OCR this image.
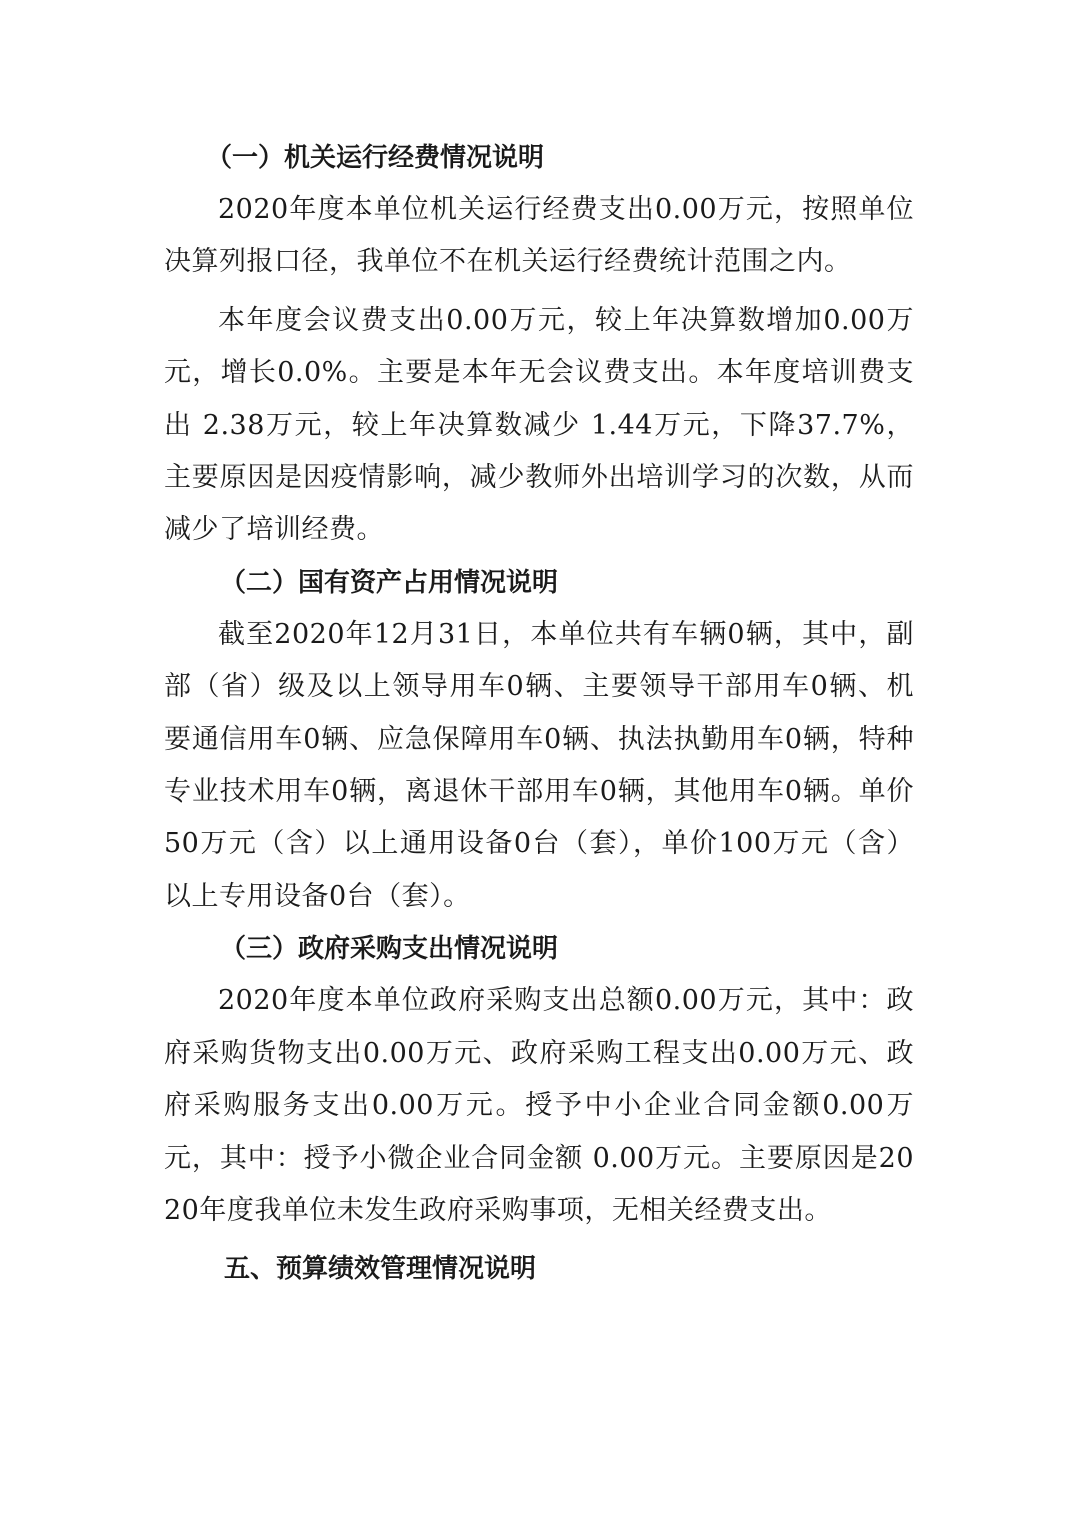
（一）机关运行经费情况说明

2020年度本单位机关运行经费支出0.00万元，按照单位决算列报口径，我单位不在机关运行经费统计范围之内。

本年度会议费支出0.00万元，较上年决算数增加0.00万元，增长0.0%。主要是本年无会议费支出。本年度培训费支出 2.38万元，较上年决算数减少 1.44万元，下降37.7%，主要原因是因疫情影响，减少教师外出培训学习的次数，从而减少了培训经费。

（二）国有资产占用情况说明

截至2020年12月31日，本单位共有车辆0辆，其中，副部（省）级及以上领导用车0辆、主要领导干部用车0辆、机要通信用车0辆、应急保障用车0辆、执法执勤用车0辆，特种专业技术用车0辆，离退休干部用车0辆，其他用车0辆。单价50万元（含）以上通用设备0台（套），单价100万元（含）以上专用设备0台（套）。

（三）政府采购支出情况说明

2020年度本单位政府采购支出总额0.00万元，其中：政府采购货物支出0.00万元、政府采购工程支出0.00万元、政府采购服务支出0.00万元。授予中小企业合同金额0.00万元，其中：授予小微企业合同金额 0.00万元。主要原因是2020年度我单位未发生政府采购事项，无相关经费支出。

五、预算绩效管理情况说明
